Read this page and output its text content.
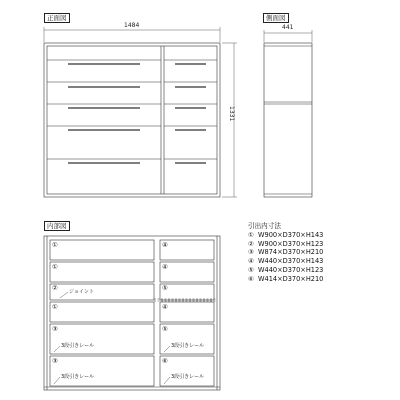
正面図	側面図
内部図
1484
1331
441
①
①
②
①
③
③
④
④
⑤
④
⑤
⑥
ジョイント
3段引きレール
3段引きレール
3段引きレール
3段引きレール
引出内寸法
① W900×D370×H143
② W900×D370×H123
③ W874×D370×H210
④ W440×D370×H143
⑤ W440×D370×H123
⑥ W414×D370×H210
